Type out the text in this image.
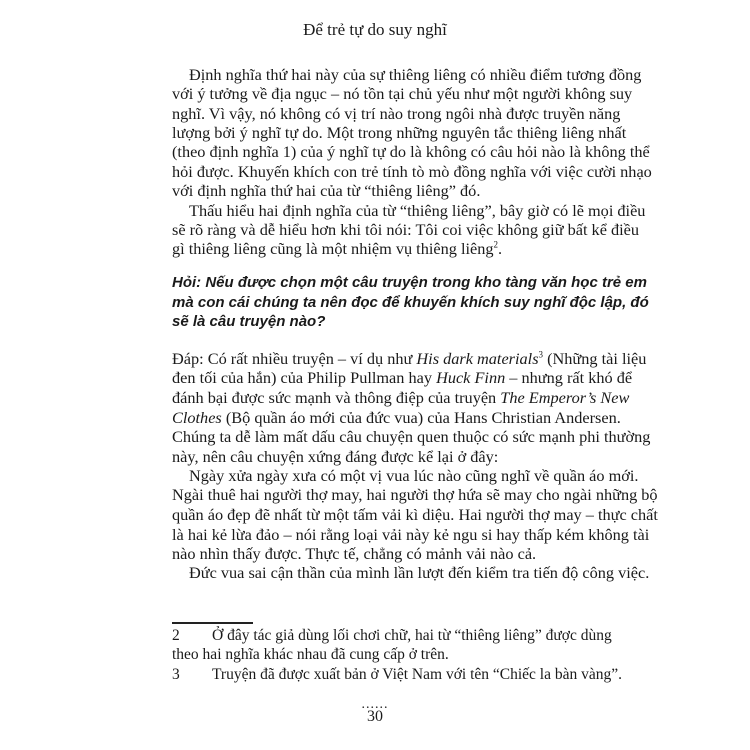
Để trẻ tự do suy nghĩ
Định nghĩa thứ hai này của sự thiêng liêng có nhiều điểm tương đồng
với ý tưởng về địa ngục – nó tồn tại chủ yếu như một người không suy
nghĩ. Vì vậy, nó không có vị trí nào trong ngôi nhà được truyền năng
lượng bởi ý nghĩ tự do. Một trong những nguyên tắc thiêng liêng nhất
(theo định nghĩa 1) của ý nghĩ tự do là không có câu hỏi nào là không thể
hỏi được. Khuyến khích con trẻ tính tò mò đồng nghĩa với việc cười nhạo
với định nghĩa thứ hai của từ “thiêng liêng” đó.
Thấu hiểu hai định nghĩa của từ “thiêng liêng”, bây giờ có lẽ mọi điều
sẽ rõ ràng và dễ hiểu hơn khi tôi nói: Tôi coi việc không giữ bất kể điều
gì thiêng liêng cũng là một nhiệm vụ thiêng liêng$^2$.
Hỏi: Nếu được chọn một câu truyện trong kho tàng văn học trẻ em
mà con cái chúng ta nên đọc để khuyến khích suy nghĩ độc lập, đó
sẽ là câu truyện nào?
Đáp: Có rất nhiều truyện – ví dụ như His dark materials$^3$ (Những tài liệu
đen tối của hắn) của Philip Pullman hay Huck Finn – nhưng rất khó để
đánh bại được sức mạnh và thông điệp của truyện The Emperor’s New
Clothes (Bộ quần áo mới của đức vua) của Hans Christian Andersen.
Chúng ta dễ làm mất dấu câu chuyện quen thuộc có sức mạnh phi thường
này, nên câu chuyện xứng đáng được kể lại ở đây:
Ngày xửa ngày xưa có một vị vua lúc nào cũng nghĩ về quần áo mới.
Ngài thuê hai người thợ may, hai người thợ hứa sẽ may cho ngài những bộ
quần áo đẹp đẽ nhất từ một tấm vải kì diệu. Hai người thợ may – thực chất
là hai kẻ lừa đảo – nói rằng loại vải này kẻ ngu si hay thấp kém không tài
nào nhìn thấy được. Thực tế, chẳng có mảnh vải nào cả.
Đức vua sai cận thần của mình lần lượt đến kiểm tra tiến độ công việc.
2 Ở đây tác giả dùng lối chơi chữ, hai từ “thiêng liêng” được dùng
theo hai nghĩa khác nhau đã cung cấp ở trên.
3 Truyện đã được xuất bản ở Việt Nam với tên “Chiếc la bàn vàng”.
......
30
